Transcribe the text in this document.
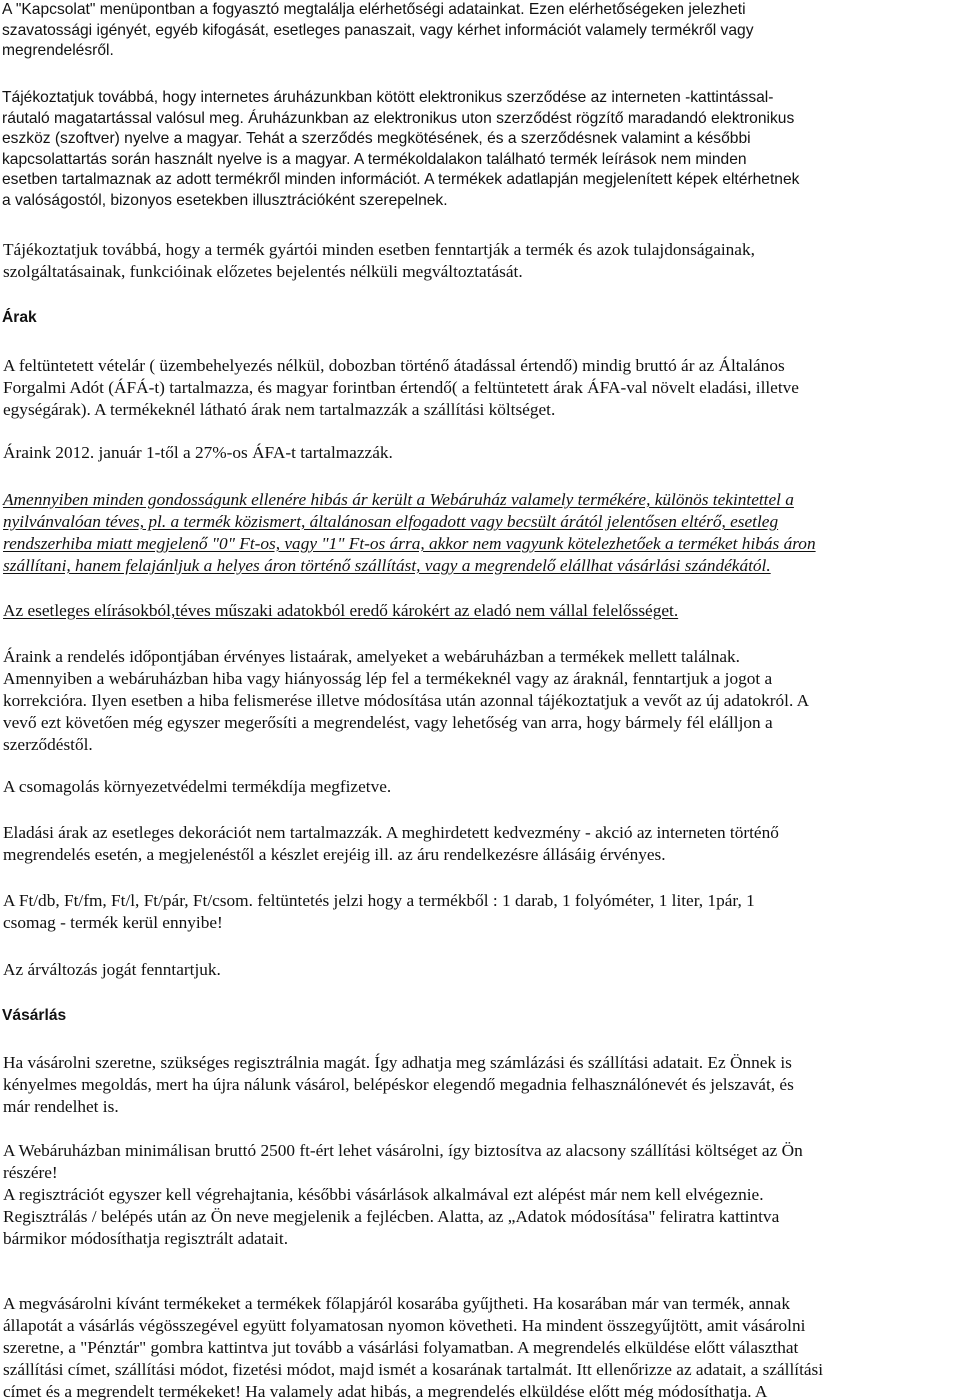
A "Kapcsolat" menüpontban a fogyasztó megtalálja elérhetőségi adatainkat. Ezen elérhetőségeken jelezheti
szavatossági igényét, egyéb kifogását, esetleges panaszait, vagy kérhet információt valamely termékről vagy
megrendelésről.

Tájékoztatjuk továbbá, hogy internetes áruházunkban kötött elektronikus szerződése az interneten -kattintással-
ráutaló magatartással valósul meg. Áruházunkban az elektronikus uton szerződést rögzítő maradandó elektronikus
eszköz (szoftver) nyelve a magyar. Tehát a szerződés megkötésének, és a szerződésnek valamint a későbbi
kapcsolattartás során használt nyelve is a magyar. A termékoldalakon található termék leírások nem minden
esetben tartalmaznak az adott termékről minden információt. A termékek adatlapján megjelenített képek eltérhetnek
a valóságostól, bizonyos esetekben illusztrációként szerepelnek.

Tájékoztatjuk továbbá, hogy a termék gyártói minden esetben fenntartják a termék és azok tulajdonságainak,
szolgáltatásainak, funkcióinak előzetes bejelentés nélküli megváltoztatását.

Árak

A feltüntetett vételár ( üzembehelyezés nélkül, dobozban történő átadással értendő) mindig bruttó ár az Általános
Forgalmi Adót (ÁFÁ-t) tartalmazza, és magyar forintban értendő( a feltüntetett árak ÁFA-val növelt eladási, illetve
egységárak). A termékeknél látható árak nem tartalmazzák a szállítási költséget.

Áraink 2012. január 1-től a 27%-os ÁFA-t tartalmazzák.

Amennyiben minden gondosságunk ellenére hibás ár került a Webáruház valamely termékére, különös tekintettel a
nyilvánvalóan téves, pl. a termék közismert, általánosan elfogadott vagy becsült árától jelentősen eltérő, esetleg
rendszerhiba miatt megjelenő "0" Ft-os, vagy "1" Ft-os árra, akkor nem vagyunk kötelezhetőek a terméket hibás áron
szállítani, hanem felajánljuk a helyes áron történő szállítást, vagy a megrendelő elállhat vásárlási szándékától.

Az esetleges elírásokból,téves műszaki adatokból eredő károkért az eladó nem vállal felelősséget.

Áraink a rendelés időpontjában érvényes listaárak, amelyeket a webáruházban a termékek mellett találnak.
Amennyiben a webáruházban hiba vagy hiányosság lép fel a termékeknél vagy az áraknál, fenntartjuk a jogot a
korrekcióra. Ilyen esetben a hiba felismerése illetve módosítása után azonnal tájékoztatjuk a vevőt az új adatokról. A
vevő ezt követően még egyszer megerősíti a megrendelést, vagy lehetőség van arra, hogy bármely fél elálljon a
szerződéstől.

A csomagolás környezetvédelmi termékdíja megfizetve.

Eladási árak az esetleges dekorációt nem tartalmazzák. A meghirdetett kedvezmény - akció az interneten történő
megrendelés esetén, a megjelenéstől a készlet erejéig ill. az áru rendelkezésre állásáig érvényes.

A Ft/db, Ft/fm, Ft/l, Ft/pár, Ft/csom. feltüntetés jelzi hogy a termékből : 1 darab, 1 folyóméter, 1 liter, 1pár, 1
csomag - termék kerül ennyibe!

Az árváltozás jogát fenntartjuk.

Vásárlás

Ha vásárolni szeretne, szükséges regisztrálnia magát. Így adhatja meg számlázási és szállítási adatait. Ez Önnek is
kényelmes megoldás, mert ha újra nálunk vásárol, belépéskor elegendő megadnia felhasználónevét és jelszavát, és
már rendelhet is.

A Webáruházban minimálisan bruttó 2500 ft-ért lehet vásárolni, így biztosítva az alacsony szállítási költséget az Ön
részére!
A regisztrációt egyszer kell végrehajtania, későbbi vásárlások alkalmával ezt alépést már nem kell elvégeznie.
Regisztrálás / belépés után az Ön neve megjelenik a fejlécben. Alatta, az „Adatok módosítása" feliratra kattintva
bármikor módosíthatja regisztrált adatait.

A megvásárolni kívánt termékeket a termékek főlapjáról kosarába gyűjtheti. Ha kosarában már van termék, annak
állapotát a vásárlás végösszegével együtt folyamatosan nyomon követheti. Ha mindent összegyűjtött, amit vásárolni
szeretne, a "Pénztár" gombra kattintva jut tovább a vásárlási folyamatban. A megrendelés elküldése előtt választhat
szállítási címet, szállítási módot, fizetési módot, majd ismét a kosarának tartalmát. Itt ellenőrizze az adatait, a szállítási
címet és a megrendelt termékeket! Ha valamely adat hibás, a megrendelés elküldése előtt még módosíthatja. A
